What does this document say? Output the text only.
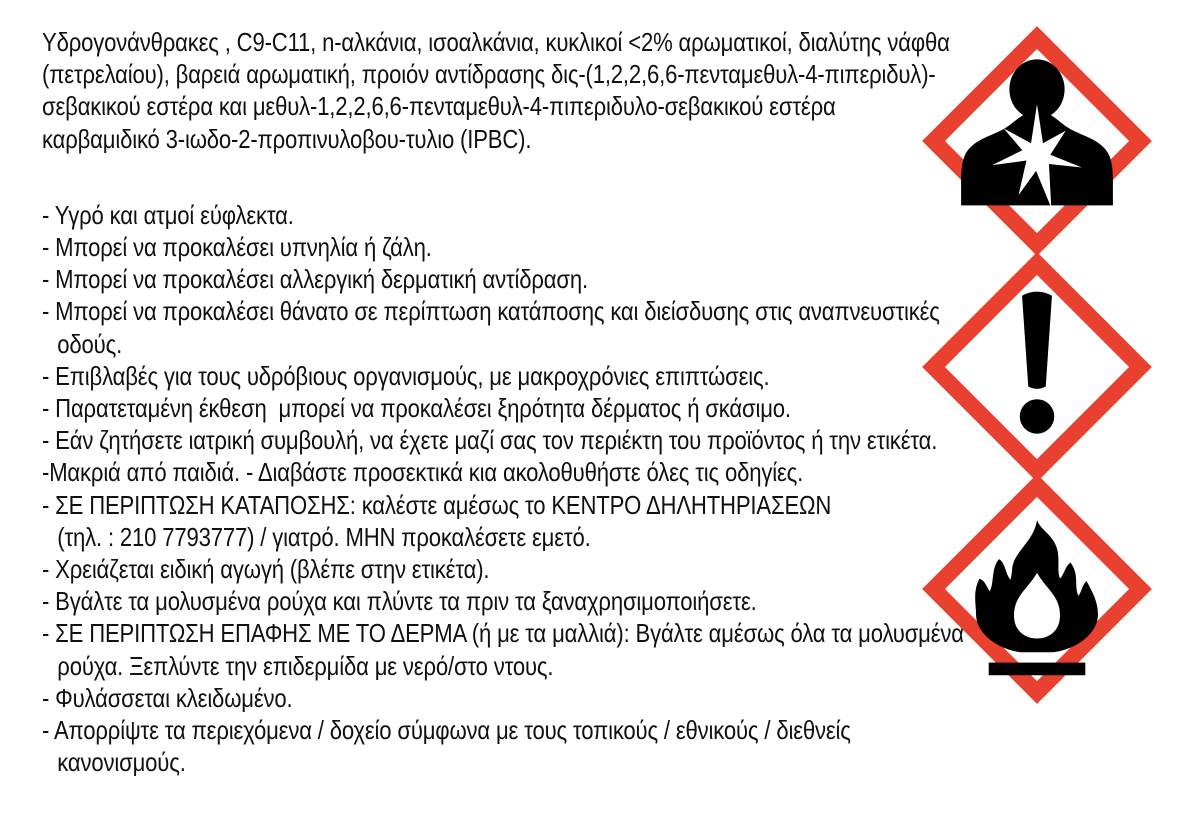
Υδρογονάνθρακες , C9-C11, n-αλκάνια, ισοαλκάνια, κυκλικοί <2% αρωματικοί, διαλύτης νάφθα
(πετρελαίου), βαρειά αρωματική, προιόν αντίδρασης δις-(1,2,2,6,6-πενταμεθυλ-4-πιπεριδυλ)-
σεβακικού εστέρα και μεθυλ-1,2,2,6,6-πενταμεθυλ-4-πιπεριδυλο-σεβακικού εστέρα
καρβαμιδικό 3-ιωδο-2-προπινυλοβου-τυλιο (IPBC).
- Υγρό και ατμοί εύφλεκτα.
- Μπορεί να προκαλέσει υπνηλία ή ζάλη.
- Μπορεί να προκαλέσει αλλεργική δερματική αντίδραση.
- Μπορεί να προκαλέσει θάνατο σε περίπτωση κατάποσης και διείσδυσης στις αναπνευστικές
οδούς.
- Επιβλαβές για τους υδρόβιους οργανισμούς, με μακροχρόνιες επιπτώσεις.
- Παρατεταμένη έκθεση  μπορεί να προκαλέσει ξηρότητα δέρματος ή σκάσιμο.
- Εάν ζητήσετε ιατρική συμβουλή, να έχετε μαζί σας τον περιέκτη του προϊόντος ή την ετικέτα.
-Μακριά από παιδιά. - Διαβάστε προσεκτικά κια ακολοθυθήστε όλες τις οδηγίες.
- ΣΕ ΠΕΡΙΠΤΩΣΗ ΚΑΤΑΠΟΣΗΣ: καλέστε αμέσως το ΚΕΝΤΡΟ ΔΗΛΗΤΗΡΙΑΣΕΩΝ
(τηλ. : 210 7793777) / γιατρό. ΜΗΝ προκαλέσετε εμετό.
- Χρειάζεται ειδική αγωγή (βλέπε στην ετικέτα).
- Βγάλτε τα μολυσμένα ρούχα και πλύντε τα πριν τα ξαναχρησιμοποιήσετε.
- ΣΕ ΠΕΡΙΠΤΩΣΗ ΕΠΑΦΗΣ ΜΕ ΤΟ ΔΕΡΜΑ (ή με τα μαλλιά): Βγάλτε αμέσως όλα τα μολυσμένα
ρούχα. Ξεπλύντε την επιδερμίδα με νερό/στο ντους.
- Φυλάσσεται κλειδωμένο.
- Απορρίψτε τα περιεχόμενα / δοχείο σύμφωνα με τους τοπικούς / εθνικούς / διεθνείς
κανονισμούς.
